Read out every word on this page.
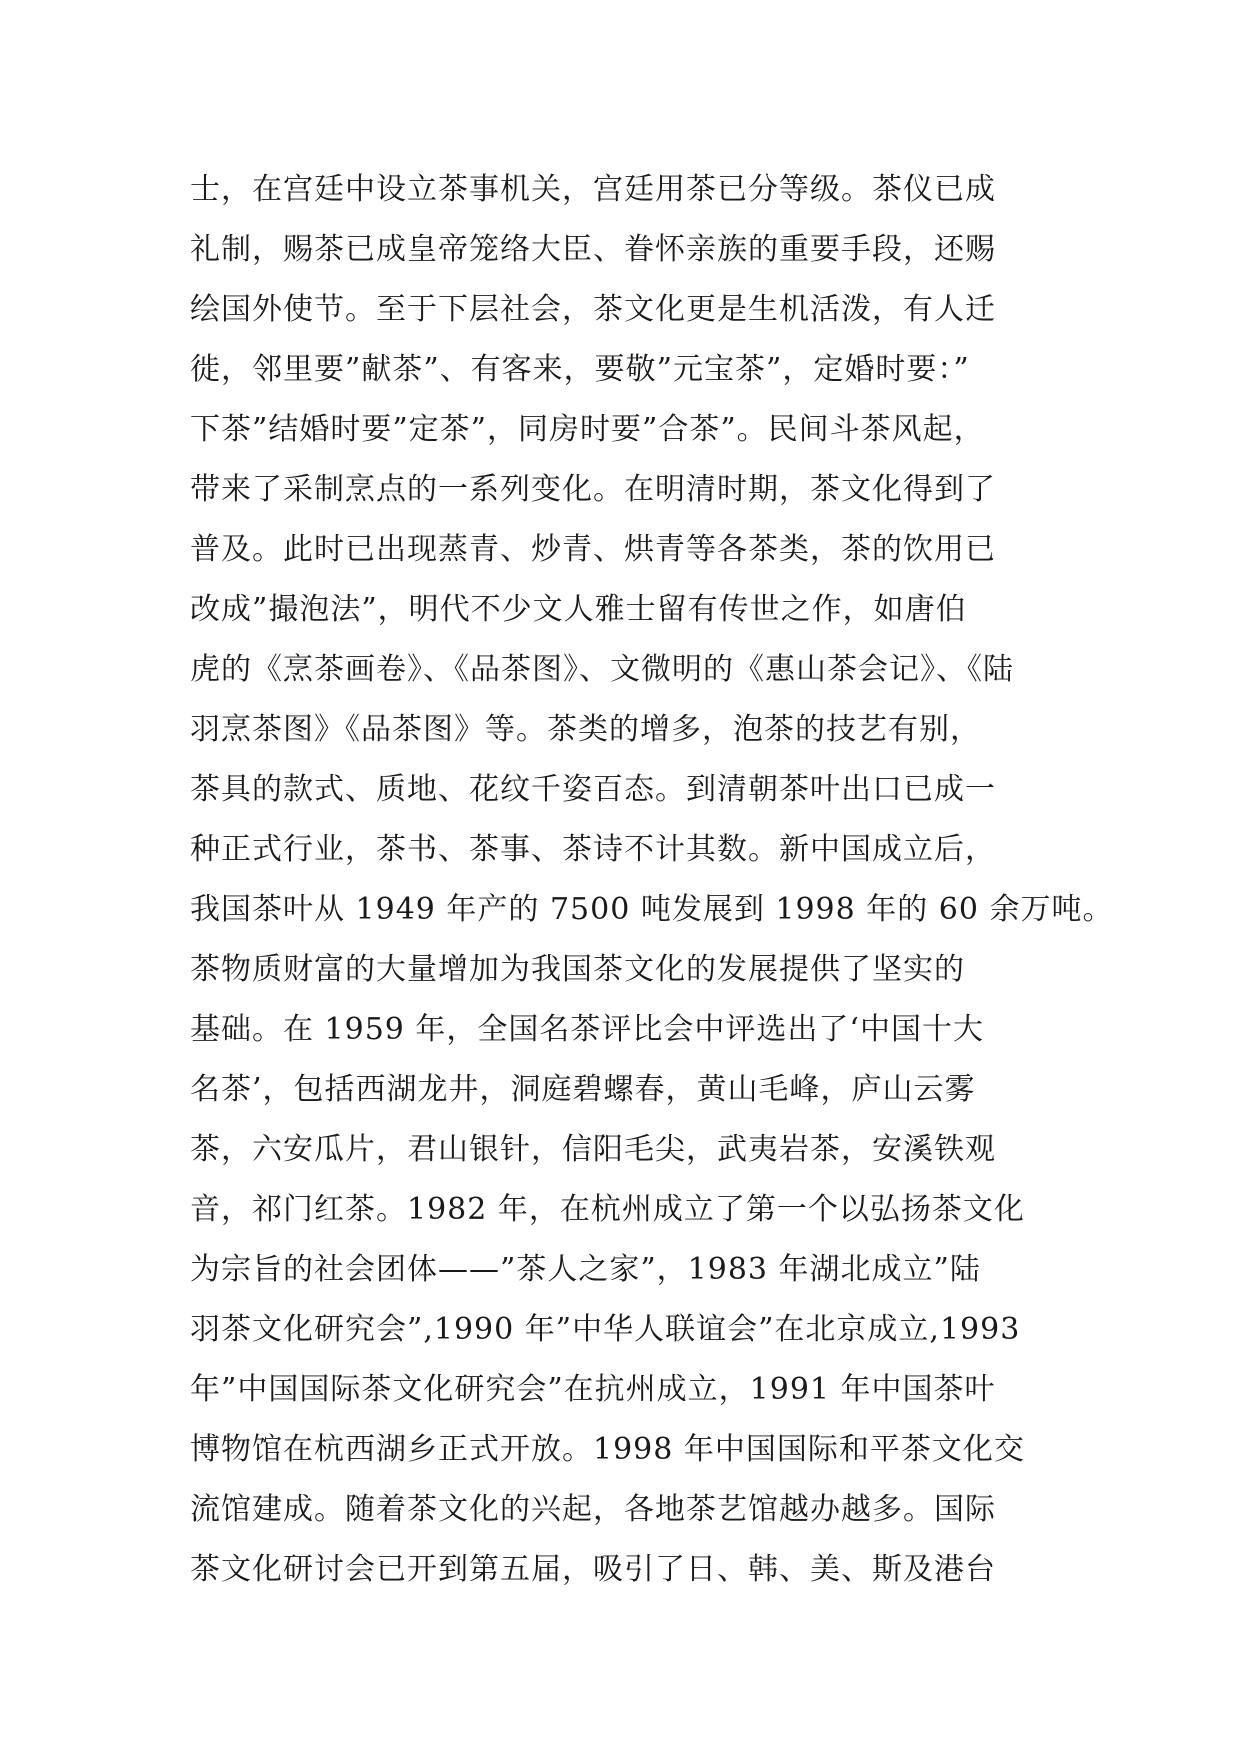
士，在宫廷中设立茶事机关，宫廷用茶已分等级。茶仪已成
礼制，赐茶已成皇帝笼络大臣、眷怀亲族的重要手段，还赐
绘国外使节。至于下层社会，茶文化更是生机活泼，有人迁
徙，邻里要”献茶”、有客来，要敬”元宝茶”，定婚时要：”
下茶”结婚时要”定茶”，同房时要”合茶”。民间斗茶风起，
带来了采制烹点的一系列变化。在明清时期，茶文化得到了
普及。此时已出现蒸青、炒青、烘青等各茶类，茶的饮用已
改成”撮泡法”，明代不少文人雅士留有传世之作，如唐伯
虎的《烹茶画卷》、《品茶图》、文微明的《惠山茶会记》、《陆
羽烹茶图》《品茶图》等。茶类的增多，泡茶的技艺有别，
茶具的款式、质地、花纹千姿百态。到清朝茶叶出口已成一
种正式行业，茶书、茶事、茶诗不计其数。新中国成立后，
我国茶叶从 1949 年产的 7500 吨发展到 1998 年的 60 余万吨。
茶物质财富的大量增加为我国茶文化的发展提供了坚实的
基础。在 1959 年，全国名茶评比会中评选出了‘中国十大
名茶’，包括西湖龙井，洞庭碧螺春，黄山毛峰，庐山云雾
茶，六安瓜片，君山银针，信阳毛尖，武夷岩茶，安溪铁观
音，祁门红茶。1982 年，在杭州成立了第一个以弘扬茶文化
为宗旨的社会团体——”茶人之家”，1983 年湖北成立”陆
羽茶文化研究会”,1990 年”中华人联谊会”在北京成立,1993
年”中国国际茶文化研究会”在抗州成立，1991 年中国茶叶
博物馆在杭西湖乡正式开放。1998 年中国国际和平茶文化交
流馆建成。随着茶文化的兴起，各地茶艺馆越办越多。国际
茶文化研讨会已开到第五届，吸引了日、韩、美、斯及港台
